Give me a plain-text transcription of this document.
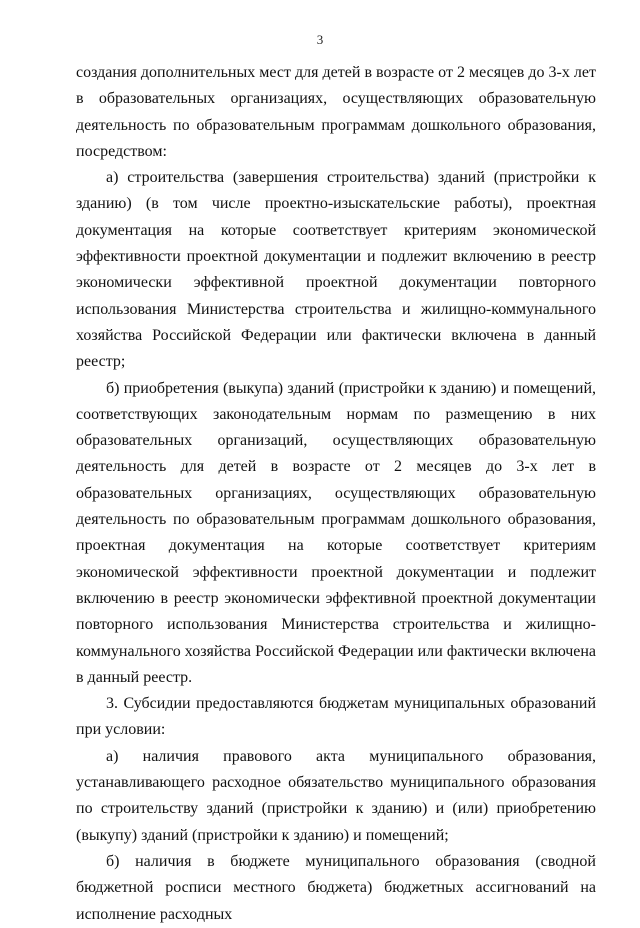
3

создания дополнительных мест для детей в возрасте от 2 месяцев до 3-х лет в образовательных организациях, осуществляющих образовательную деятельность по образовательным программам дошкольного образования, посредством:

а) строительства (завершения строительства) зданий (пристройки к зданию) (в том числе проектно-изыскательские работы), проектная документация на которые соответствует критериям экономической эффективности проектной документации и подлежит включению в реестр экономически эффективной проектной документации повторного использования Министерства строительства и жилищно-коммунального хозяйства Российской Федерации или фактически включена в данный реестр;

б) приобретения (выкупа) зданий (пристройки к зданию) и помещений, соответствующих законодательным нормам по размещению в них образовательных организаций, осуществляющих образовательную деятельность для детей в возрасте от 2 месяцев до 3-х лет в образовательных организациях, осуществляющих образовательную деятельность по образовательным программам дошкольного образования, проектная документация на которые соответствует критериям экономической эффективности проектной документации и подлежит включению в реестр экономически эффективной проектной документации повторного использования Министерства строительства и жилищно-коммунального хозяйства Российской Федерации или фактически включена в данный реестр.

3. Субсидии предоставляются бюджетам муниципальных образований при условии:

а) наличия правового акта муниципального образования, устанавливающего расходное обязательство муниципального образования по строительству зданий (пристройки к зданию) и (или) приобретению (выкупу) зданий (пристройки к зданию) и помещений;

б) наличия в бюджете муниципального образования (сводной бюджетной росписи местного бюджета) бюджетных ассигнований на исполнение расходных
